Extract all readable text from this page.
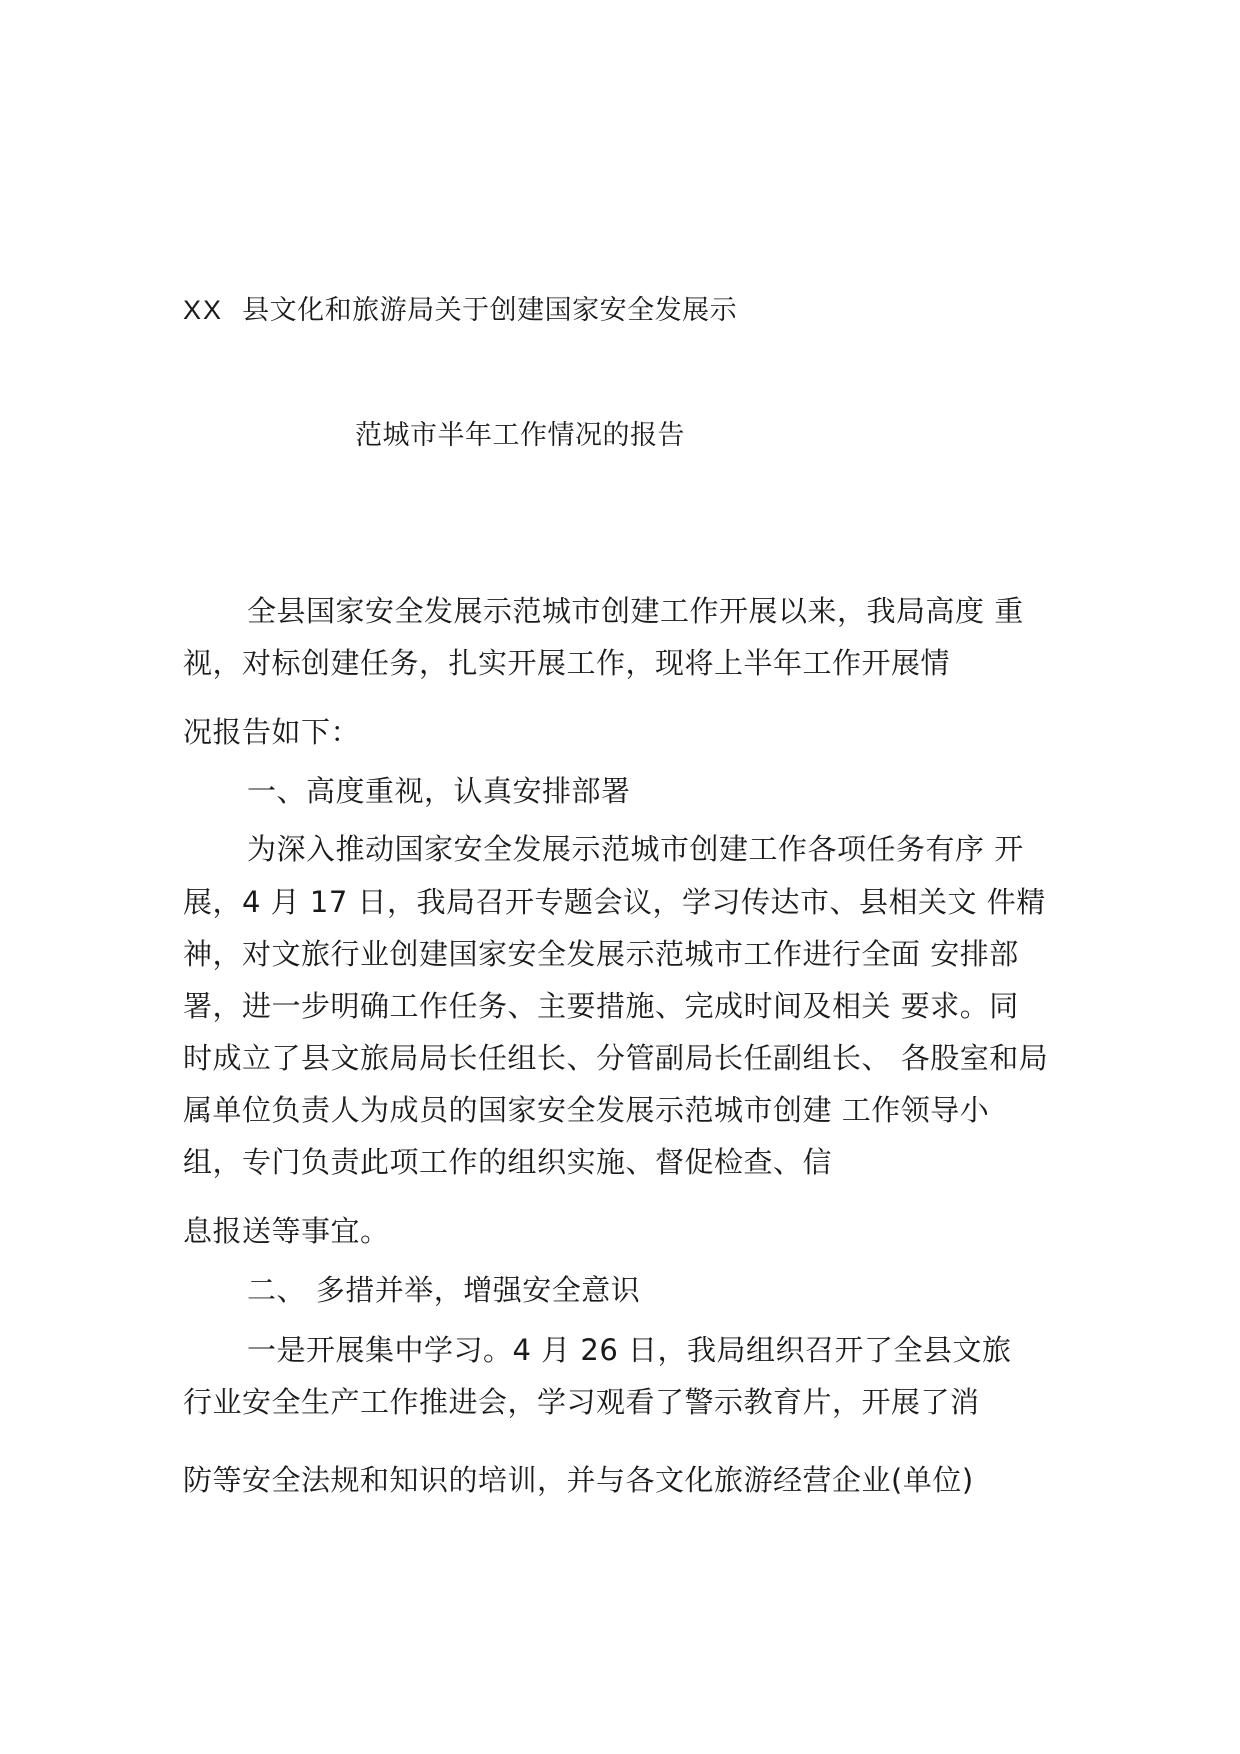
XX 县文化和旅游局关于创建国家安全发展示
范城市半年工作情况的报告
全县国家安全发展示范城市创建工作开展以来，我局高度 重
视，对标创建任务，扎实开展工作，现将上半年工作开展情
况报告如下：
一、高度重视，认真安排部署
为深入推动国家安全发展示范城市创建工作各项任务有序 开
展，4 月 17 日，我局召开专题会议，学习传达市、县相关文 件精
神，对文旅行业创建国家安全发展示范城市工作进行全面 安排部
署，进一步明确工作任务、主要措施、完成时间及相关 要求。同
时成立了县文旅局局长任组长、分管副局长任副组长、 各股室和局
属单位负责人为成员的国家安全发展示范城市创建 工作领导小
组，专门负责此项工作的组织实施、督促检查、信
息报送等事宜。
二、 多措并举，增强安全意识
一是开展集中学习。4 月 26 日，我局组织召开了全县文旅
行业安全生产工作推进会，学习观看了警示教育片，开展了消
防等安全法规和知识的培训，并与各文化旅游经营企业(单位)
